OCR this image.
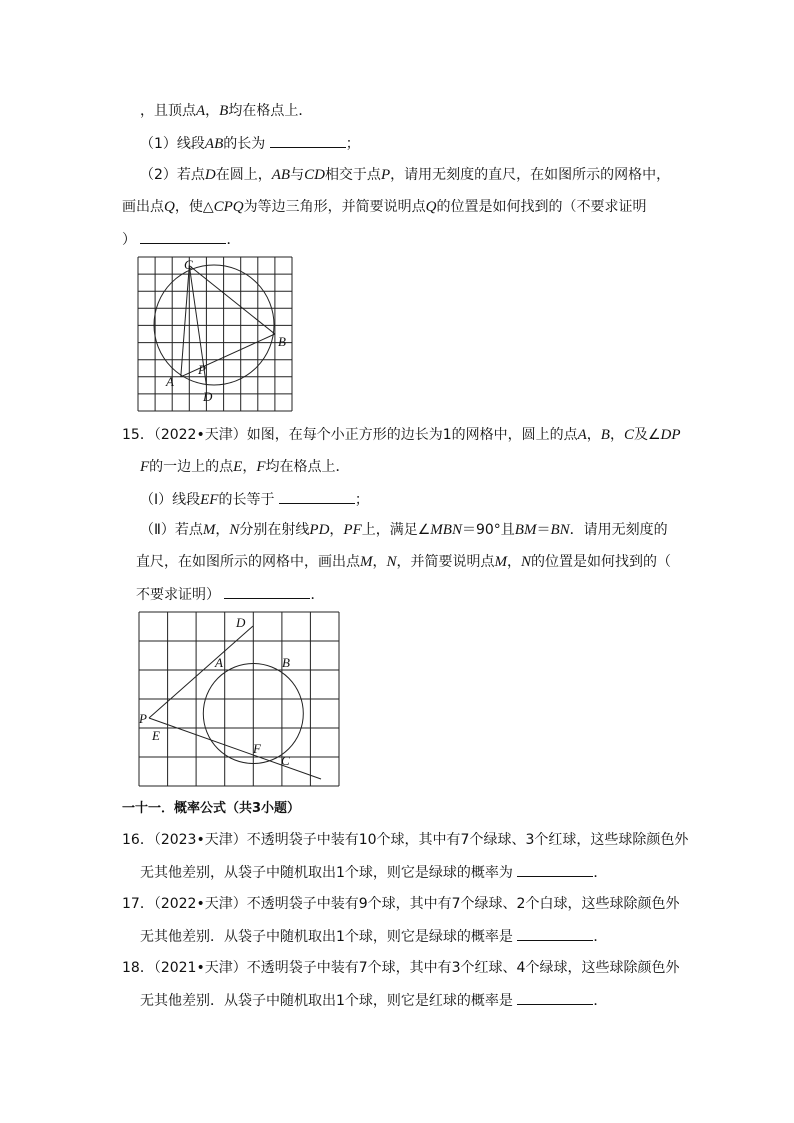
，且顶点A，B均在格点上．
（1）线段AB的长为	；
（2）若点D在圆上，AB与CD相交于点P，请用无刻度的直尺，在如图所示的网格中，
画出点Q，使△CPQ为等边三角形，并简要说明点Q的位置是如何找到的（不要求证明
）	．
C
B
A
P
D
15．（2022•天津）如图，在每个小正方形的边长为1的网格中，圆上的点A，B，C及∠DP
F的一边上的点E，F均在格点上．
（Ⅰ）线段EF的长等于	；
（Ⅱ）若点M，N分别在射线PD，PF上，满足∠MBN＝90°且BM＝BN．请用无刻度的
直尺，在如图所示的网格中，画出点M，N，并简要说明点M，N的位置是如何找到的（
不要求证明）	．
D
A	B
P
E
F
C
一十一．概率公式（共3小题）
16．（2023•天津）不透明袋子中装有10个球，其中有7个绿球、3个红球，这些球除颜色外
无其他差别，从袋子中随机取出1个球，则它是绿球的概率为	．
17．（2022•天津）不透明袋子中装有9个球，其中有7个绿球、2个白球，这些球除颜色外
无其他差别．从袋子中随机取出1个球，则它是绿球的概率是	．
18．（2021•天津）不透明袋子中装有7个球，其中有3个红球、4个绿球，这些球除颜色外
无其他差别．从袋子中随机取出1个球，则它是红球的概率是	．
